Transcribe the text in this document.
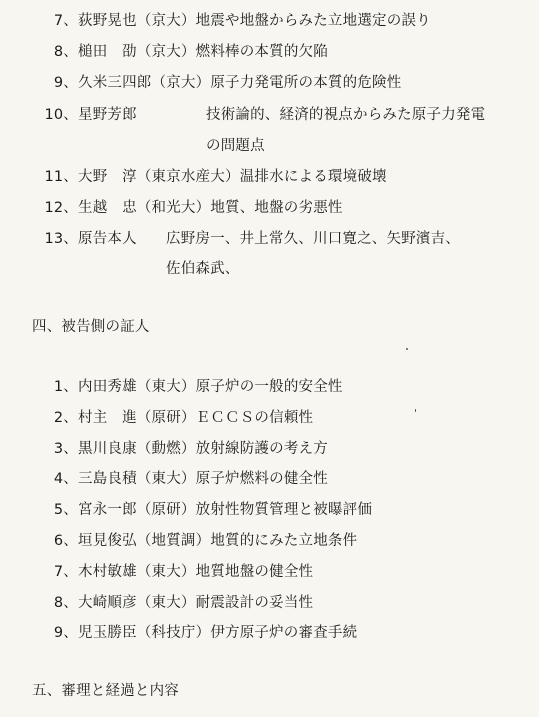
7、荻野晃也（京大）地震や地盤からみた立地選定の誤り
8、槌田　劭（京大）燃料棒の本質的欠陥
9、久米三四郎（京大）原子力発電所の本質的危険性
10、星野芳郎	技術論的、経済的視点からみた原子力発電
の問題点
11、大野　淳（東京水産大）温排水による環境破壊
12、生越　忠（和光大）地質、地盤の劣悪性
13、原告本人 広野房一、井上常久、川口寛之、矢野濱吉、
佐伯森武、
四、被告側の証人
1、内田秀雄（東大）原子炉の一般的安全性
2、村主　進（原研）ＥＣＣＳの信頼性
3、黒川良康（動燃）放射線防護の考え方
4、三島良積（東大）原子炉燃料の健全性
5、宮永一郎（原研）放射性物質管理と被曝評価
6、垣見俊弘（地質調）地質的にみた立地条件
7、木村敏雄（東大）地質地盤の健全性
8、大崎順彦（東大）耐震設計の妥当性
9、児玉勝臣（科技庁）伊方原子炉の審査手続
五、審理と経過と内容
